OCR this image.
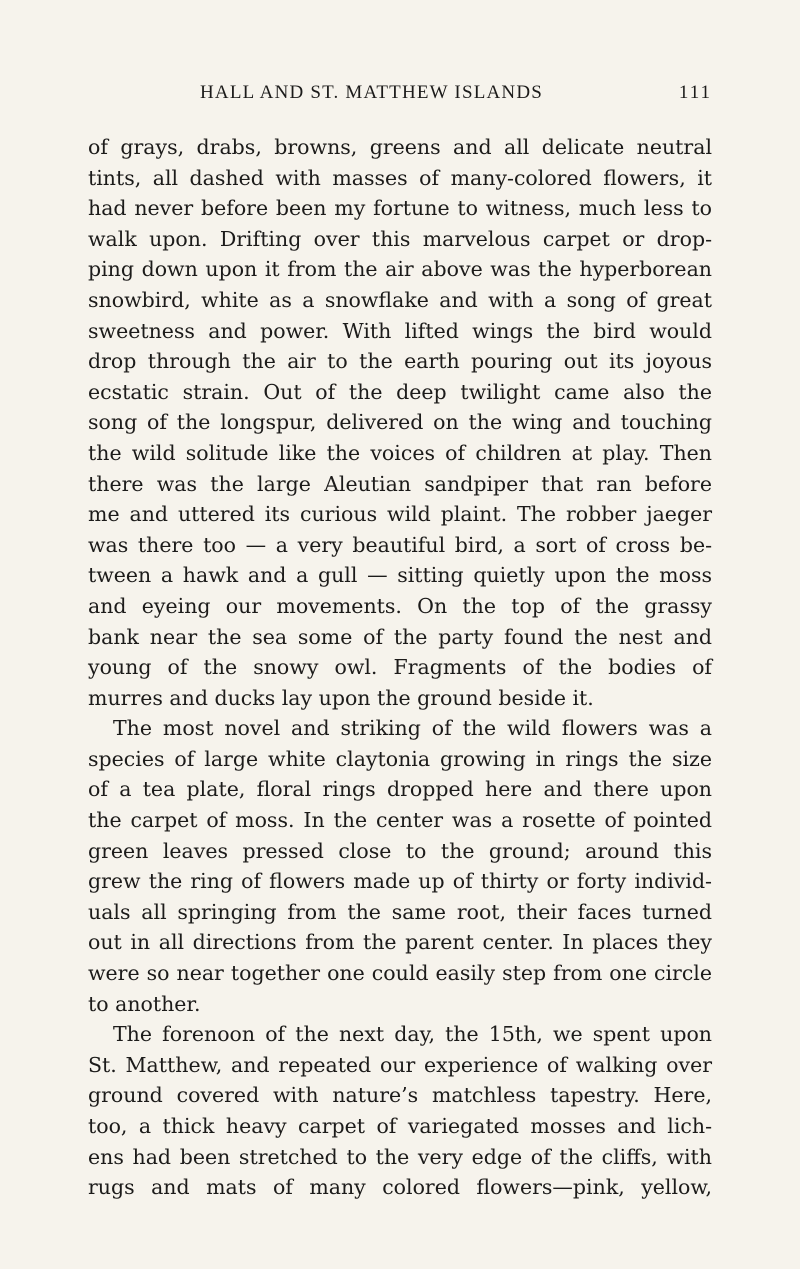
HALL AND ST. MATTHEW ISLANDS	111
of grays, drabs, browns, greens and all delicate neutral
tints, all dashed with masses of many-colored flowers, it
had never before been my fortune to witness, much less to
walk upon. Drifting over this marvelous carpet or drop-
ping down upon it from the air above was the hyperborean
snowbird, white as a snowflake and with a song of great
sweetness and power. With lifted wings the bird would
drop through the air to the earth pouring out its joyous
ecstatic strain. Out of the deep twilight came also the
song of the longspur, delivered on the wing and touching
the wild solitude like the voices of children at play. Then
there was the large Aleutian sandpiper that ran before
me and uttered its curious wild plaint. The robber jaeger
was there too — a very beautiful bird, a sort of cross be-
tween a hawk and a gull — sitting quietly upon the moss
and eyeing our movements. On the top of the grassy
bank near the sea some of the party found the nest and
young of the snowy owl. Fragments of the bodies of
murres and ducks lay upon the ground beside it.
The most novel and striking of the wild flowers was a
species of large white claytonia growing in rings the size
of a tea plate, floral rings dropped here and there upon
the carpet of moss. In the center was a rosette of pointed
green leaves pressed close to the ground; around this
grew the ring of flowers made up of thirty or forty individ-
uals all springing from the same root, their faces turned
out in all directions from the parent center. In places they
were so near together one could easily step from one circle
to another.
The forenoon of the next day, the 15th, we spent upon
St. Matthew, and repeated our experience of walking over
ground covered with nature’s matchless tapestry. Here,
too, a thick heavy carpet of variegated mosses and lich-
ens had been stretched to the very edge of the cliffs, with
rugs and mats of many colored flowers—pink, yellow,
